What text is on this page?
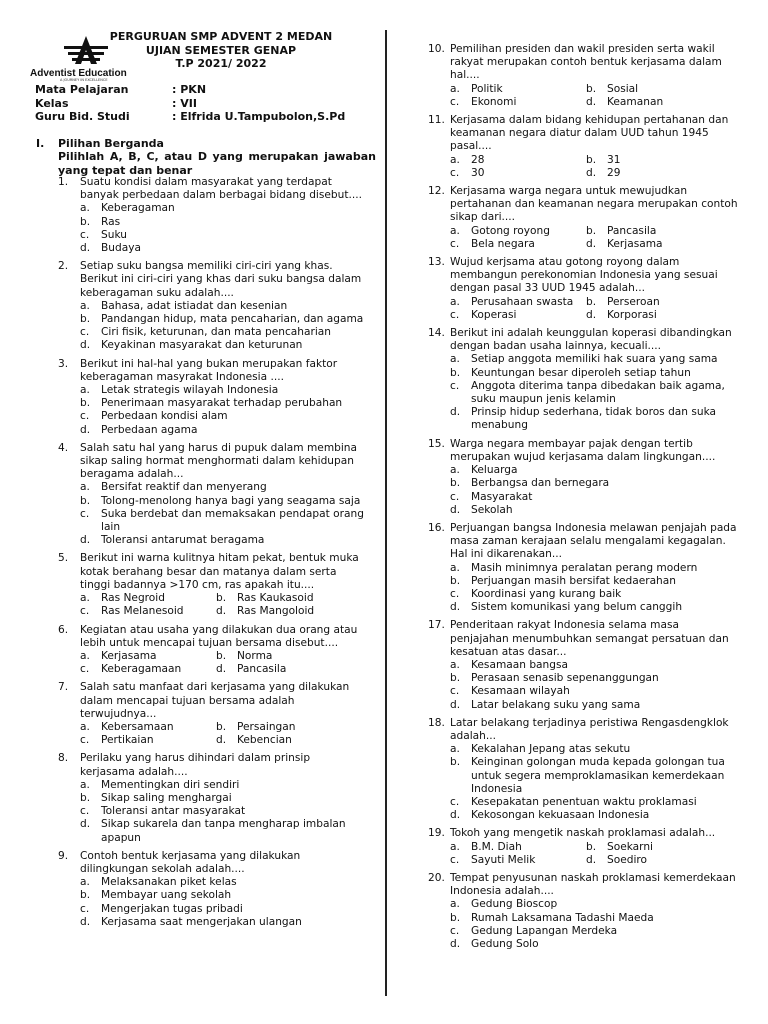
Adventist Education
A JOURNEY IN EXCELLENCE
PERGURUAN SMP ADVENT 2 MEDAN
UJIAN SEMESTER GENAP
T.P 2021/ 2022
Mata Pelajaran	: PKN
Kelas	: VII
Guru Bid. Studi	: Elfrida U.Tampubolon,S.Pd
I.	Pilihan Berganda
Pilihlah A, B, C, atau D yang merupakan jawaban yang tepat dan benar
1. Suatu kondisi dalam masyarakat yang terdapat banyak perbedaan dalam berbagai bidang disebut....
a.	Keberagaman
b.	Ras
c.	Suku
d.	Budaya
2. Setiap suku bangsa memiliki ciri-ciri yang khas. Berikut ini ciri-ciri yang khas dari suku bangsa dalam keberagaman suku adalah....
a.	Bahasa, adat istiadat dan kesenian
b.	Pandangan hidup, mata pencaharian, dan agama
c.	Ciri fisik, keturunan, dan mata pencaharian
d.	Keyakinan masyarakat dan keturunan
3. Berikut ini hal-hal yang bukan merupakan faktor keberagaman masyrakat Indonesia ....
a.	Letak strategis wilayah Indonesia
b.	Penerimaan masyarakat terhadap perubahan
c.	Perbedaan kondisi alam
d.	Perbedaan agama
4. Salah satu hal yang harus di pupuk dalam membina sikap saling hormat menghormati dalam kehidupan beragama adalah...
a.	Bersifat reaktif dan menyerang
b.	Tolong-menolong hanya bagi yang seagama saja
c.	Suka berdebat dan memaksakan pendapat orang lain
d.	Toleransi antarumat beragama
5. Berikut ini warna kulitnya hitam pekat, bentuk muka kotak berahang besar dan matanya dalam serta tinggi badannya >170 cm, ras apakah itu....
a.	Ras Negroid	b.	Ras Kaukasoid
c.	Ras Melanesoid	d.	Ras Mangoloid
6. Kegiatan atau usaha yang dilakukan dua orang atau lebih untuk mencapai tujuan bersama disebut....
a.	Kerjasama	b.	Norma
c.	Keberagamaan	d.	Pancasila
7. Salah satu manfaat dari kerjasama yang dilakukan dalam mencapai tujuan bersama adalah terwujudnya...
a.	Kebersamaan	b.	Persaingan
c.	Pertikaian	d.	Kebencian
8. Perilaku yang harus dihindari dalam prinsip kerjasama adalah....
a.	Mementingkan diri sendiri
b.	Sikap saling menghargai
c.	Toleransi antar masyarakat
d.	Sikap sukarela dan tanpa mengharap imbalan apapun
9. Contoh bentuk kerjasama yang dilakukan dilingkungan sekolah adalah....
a.	Melaksanakan piket kelas
b.	Membayar uang sekolah
c.	Mengerjakan tugas pribadi
d.	Kerjasama saat mengerjakan ulangan
10. Pemilihan presiden dan wakil presiden serta wakil rakyat merupakan contoh bentuk kerjasama dalam hal....
a.	Politik	b.	Sosial
c.	Ekonomi	d.	Keamanan
11. Kerjasama dalam bidang kehidupan pertahanan dan keamanan negara diatur dalam UUD tahun 1945 pasal....
a.	28	b.	31
c.	30	d.	29
12. Kerjasama warga negara untuk mewujudkan pertahanan dan keamanan negara merupakan contoh sikap dari....
a.	Gotong royong	b.	Pancasila
c.	Bela negara	d.	Kerjasama
13. Wujud kerjsama atau gotong royong dalam membangun perekonomian Indonesia yang sesuai dengan pasal 33 UUD 1945 adalah...
a.	Perusahaan swasta	b.	Perseroan
c.	Koperasi	d.	Korporasi
14. Berikut ini adalah keunggulan koperasi dibandingkan dengan badan usaha lainnya, kecuali....
a.	Setiap anggota memiliki hak suara yang sama
b.	Keuntungan besar diperoleh setiap tahun
c.	Anggota diterima tanpa dibedakan baik agama, suku maupun jenis kelamin
d.	Prinsip hidup sederhana, tidak boros dan suka menabung
15. Warga negara membayar pajak dengan tertib merupakan wujud kerjasama dalam lingkungan....
a.	Keluarga
b.	Berbangsa dan bernegara
c.	Masyarakat
d.	Sekolah
16. Perjuangan bangsa Indonesia melawan penjajah pada masa zaman kerajaan selalu mengalami kegagalan. Hal ini dikarenakan...
a.	Masih minimnya peralatan perang modern
b.	Perjuangan masih bersifat kedaerahan
c.	Koordinasi yang kurang baik
d.	Sistem komunikasi yang belum canggih
17. Penderitaan rakyat Indonesia selama masa penjajahan menumbuhkan semangat persatuan dan kesatuan atas dasar...
a.	Kesamaan bangsa
b.	Perasaan senasib sepenanggungan
c.	Kesamaan wilayah
d.	Latar belakang suku yang sama
18. Latar belakang terjadinya peristiwa Rengasdengklok adalah...
a.	Kekalahan Jepang atas sekutu
b.	Keinginan golongan muda kepada golongan tua untuk segera memproklamasikan kemerdekaan Indonesia
c.	Kesepakatan penentuan waktu proklamasi
d.	Kekosongan kekuasaan Indonesia
19. Tokoh yang mengetik naskah proklamasi adalah...
a.	B.M. Diah	b.	Soekarni
c.	Sayuti Melik	d.	Soediro
20. Tempat penyusunan naskah proklamasi kemerdekaan Indonesia adalah....
a.	Gedung Bioscop
b.	Rumah Laksamana Tadashi Maeda
c.	Gedung Lapangan Merdeka
d.	Gedung Solo
